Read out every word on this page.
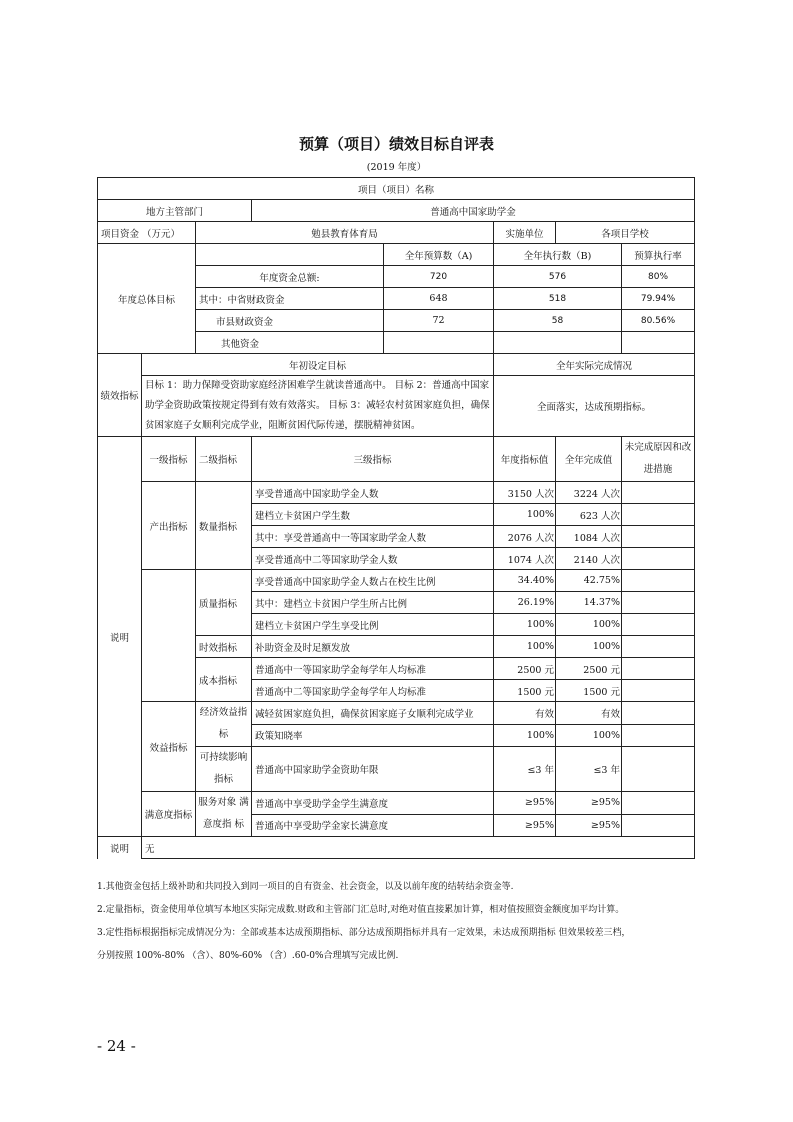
预算（项目）绩效目标自评表
(2019 年度）
项目（项目）名称							
地方主管部门			普通高中国家助学金				
项目资金 （万元）		勉县教育体育局			实施单位	各项目学校	
年度总体目标				全年预算数（A)	全年执行数（B)		预算执行率
		年度资金总额:		720	576		80%
		其中：中省财政资金		648	518		79.94%
		市县财政资金		72	58		80.56%
		其他资金					
绩效指标	年初设定目标				全年实际完成情况		
	目标 1：助力保障受资助家庭经济困难学生就读普通高中。 目标 2：普通高中国家助学金资助政策按规定得到有效有效落实。 目标 3：减轻农村贫困家庭负担，确保贫困家庭子女顺利完成学业，阻断贫困代际传递，摆脱精神贫困。				全面落实，达成预期指标。		
说明	一级指标	二级指标	三级指标		年度指标值	全年完成值	未完成原因和改进措施
	产出指标	数量指标	享受普通高中国家助学金人数		3150 人次	3224 人次	
			建档立卡贫困户学生数		100%	623 人次	
			其中：享受普通高中一等国家助学金人数		2076 人次	1084 人次	
			享受普通高中二等国家助学金人数		1074 人次	2140 人次	
		质量指标	享受普通高中国家助学金人数占在校生比例		34.40%	42.75%	
			其中：建档立卡贫困户学生所占比例		26.19%	14.37%	
			建档立卡贫困户学生享受比例		100%	100%	
		时效指标	补助资金及时足额发放		100%	100%	
		成本指标	普通高中一等国家助学金每学年人均标准		2500 元	2500 元	
			普通高中二等国家助学金每学年人均标准		1500 元	1500 元	
	效益指标	经济效益指标	减轻贫困家庭负担，确保贫困家庭子女顺利完成学业		有效	有效	
			政策知晓率		100%	100%	
		可持续影响指标	普通高中国家助学金资助年限		≤3 年	≤3 年	
	满意度指标	服务对象 满意度指 标	普通高中享受助学金学生满意度		≥95%	≥95%	
			普通高中享受助学金家长满意度		≥95%	≥95%	
说明	无						
1.其他资金包括上级补助和共同投入到同一项目的自有资金、社会资金，以及以前年度的结转结余资金等.
2.定量指标，资金使用单位填写本地区实际完成数.财政和主管部门汇总时,对绝对值直接累加计算，相对值按照资金额度加平均计算。
3.定性指标根据指标完成情况分为：全部或基本达成预期指标、部分达成预期指标并具有一定效果，未达成预期指标 但效果较差三档，
分别按照 100%-80% （含）、80%-60% （含）.60-0%合理填写完成比例.
- 24 -
